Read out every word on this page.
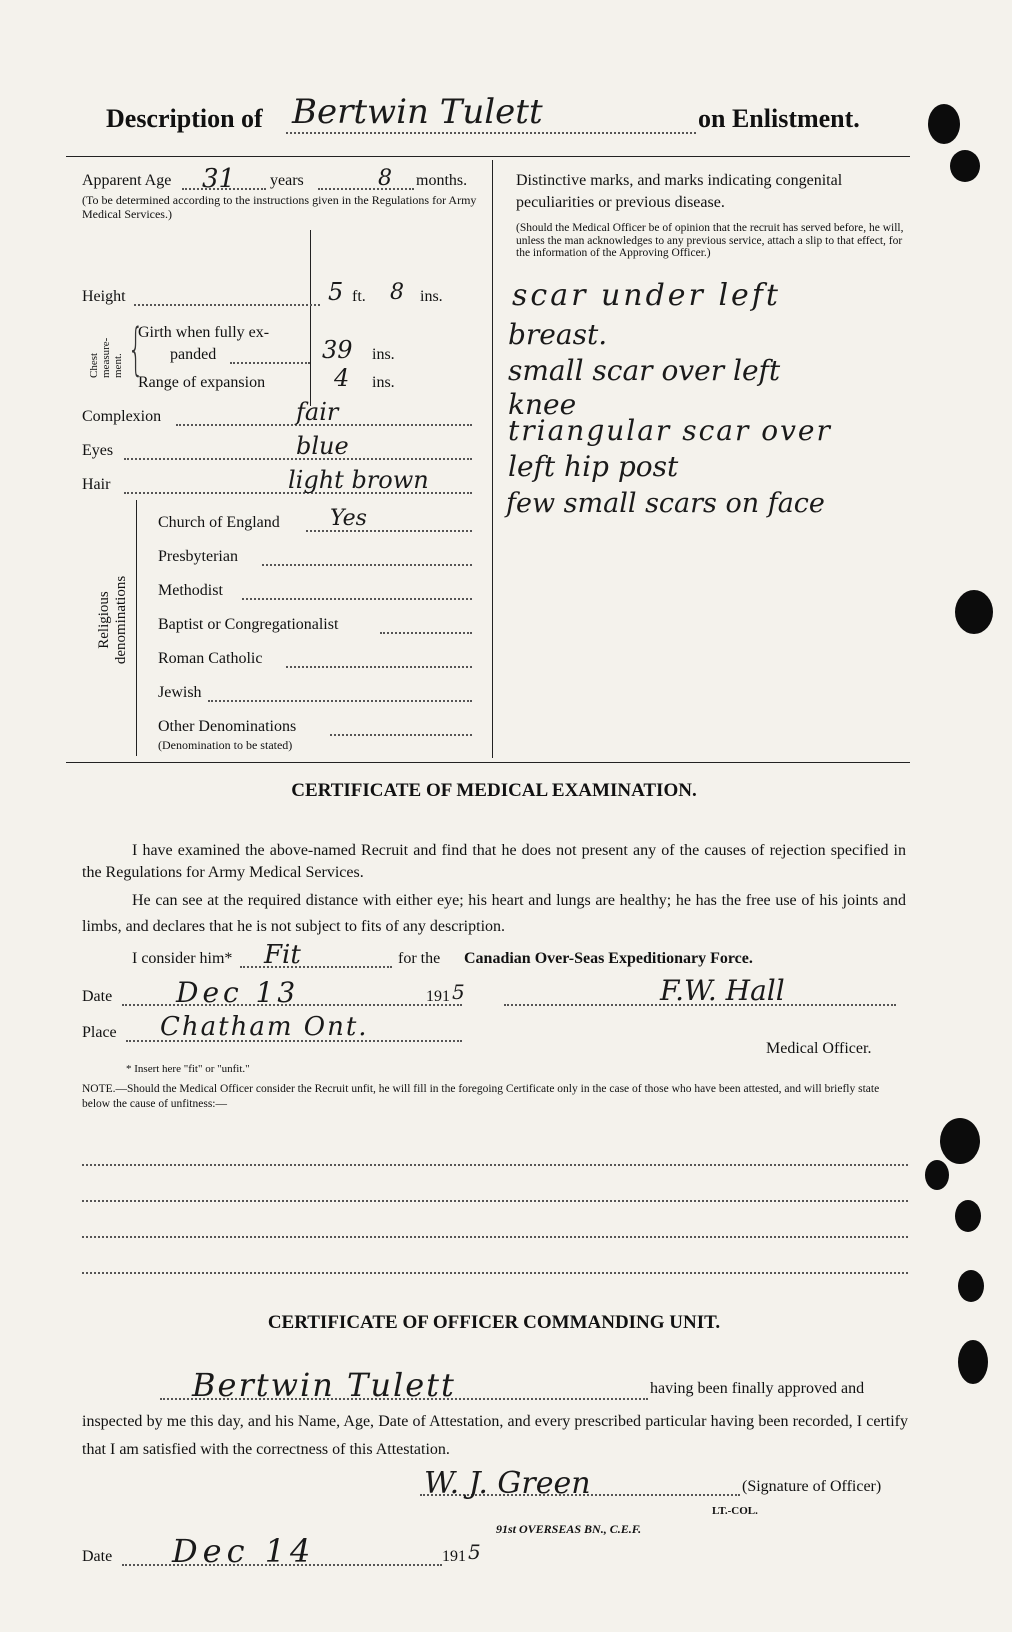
Description of Bertwin Tulett	on Enlistment.
Apparent Age 31 years	8 months.
(To be determined according to the instructions given in the Regulations for Army Medical Services.)
Height	5 ft. 8 ins.
Chest measure-ment. {
Girth when fully ex-
panded	39 ins.
Range of expansion	4 ins.
Complexion	fair
Eyes	blue
Hair	light brown
Religious denominations
Church of England Yes
Presbyterian
Methodist
Baptist or Congregationalist
Roman Catholic
Jewish
Other Denominations
(Denomination to be stated)
Distinctive marks, and marks indicating congenital
peculiarities or previous disease.
(Should the Medical Officer be of opinion that the recruit has served before, he will, unless the man acknowledges to any previous service, attach a slip to that effect, for the information of the Approving Officer.)
scar under left
breast.
small scar over left
knee
triangular scar over
left hip post
few small scars on face
CERTIFICATE OF MEDICAL EXAMINATION.
I have examined the above-named Recruit and find that he does not present any of the causes of rejection specified in the Regulations for Army Medical Services.
He can see at the required distance with either eye; his heart and lungs are healthy; he has the free use of his joints and limbs, and declares that he is not subject to fits of any description.
I consider him* Fit	for the Canadian Over-Seas Expeditionary Force.
Date Dec 13	191 5	F.W. Hall
Place Chatham Ont.
Medical Officer.
* Insert here "fit" or "unfit."
NOTE.—Should the Medical Officer consider the Recruit unfit, he will fill in the foregoing Certificate only in the case of those who have been attested, and will briefly state below the cause of unfitness:—
CERTIFICATE OF OFFICER COMMANDING UNIT.
Bertwin Tulett	having been finally approved and
inspected by me this day, and his Name, Age, Date of Attestation, and every prescribed particular having been recorded, I certify that I am satisfied with the correctness of this Attestation.
W. J. Green	(Signature of Officer)
LT.-COL.
91st OVERSEAS BN., C.E.F.
Date Dec 14	191 5
